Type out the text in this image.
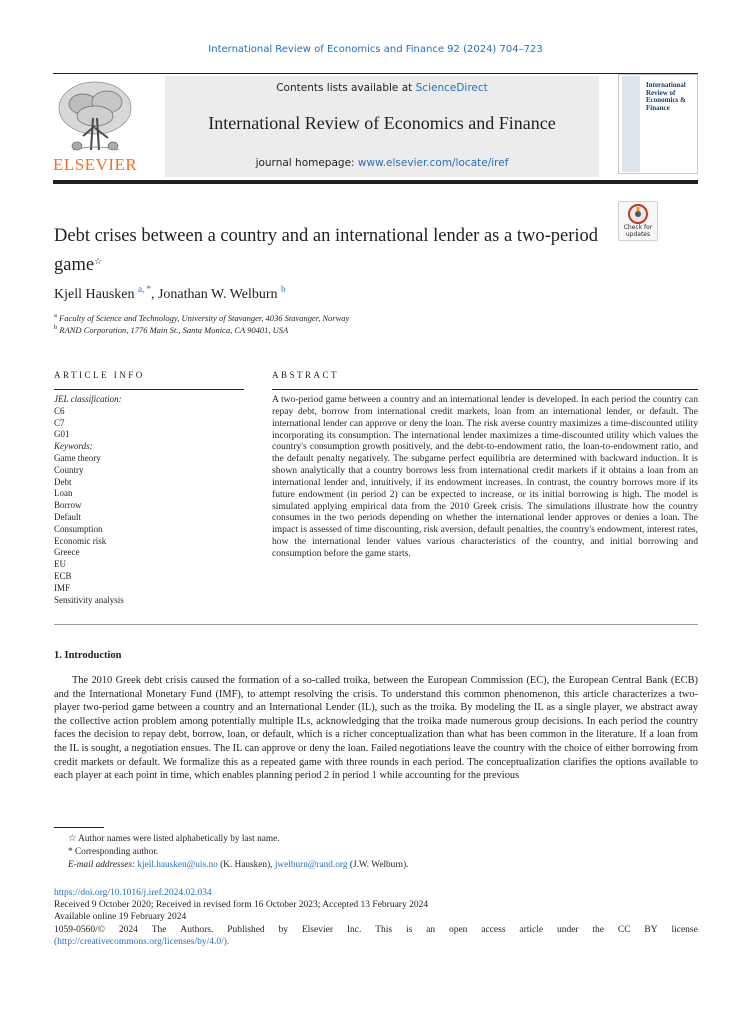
International Review of Economics and Finance 92 (2024) 704–723
ELSEVIER
Contents lists available at ScienceDirect
International Review of Economics and Finance
journal homepage: www.elsevier.com/locate/iref
International Review of Economics & Finance
Check for updates
Debt crises between a country and an international lender as a two-period game☆
Kjell Hausken $^{a, *}$, Jonathan W. Welburn $^b$
$^a$ Faculty of Science and Technology, University of Stavanger, 4036 Stavanger, Norway
$^b$ RAND Corporation, 1776 Main St., Santa Monica, CA 90401, USA
ARTICLE INFO	ABSTRACT
JEL classification:
C6
C7
G01
Keywords:
Game theory
Country
Debt
Loan
Borrow
Default
Consumption
Economic risk
Greece
EU
ECB
IMF
Sensitivity analysis
A two-period game between a country and an international lender is developed. In each period the country can repay debt, borrow from international credit markets, loan from an international lender, or default. The international lender can approve or deny the loan. The risk averse country maximizes a time-discounted utility incorporating its consumption. The international lender maximizes a time-discounted utility which values the country's consumption growth positively, and the debt-to-endowment ratio, the loan-to-endowment ratio, and the default penalty negatively. The subgame perfect equilibria are determined with backward induction. It is shown analytically that a country borrows less from international credit markets if it obtains a loan from an international lender and, intuitively, if its endowment increases. In contrast, the country borrows more if its future endowment (in period 2) can be expected to increase, or its initial borrowing is high. The model is simulated applying empirical data from the 2010 Greek crisis. The simulations illustrate how the country consumes in the two periods depending on whether the international lender approves or denies a loan. The impact is assessed of time discounting, risk aversion, default penalties, the country's endowment, interest rates, how the international lender values various characteristics of the country, and initial borrowing and consumption before the game starts.
1. Introduction
The 2010 Greek debt crisis caused the formation of a so-called troika, between the European Commission (EC), the European Central Bank (ECB) and the International Monetary Fund (IMF), to attempt resolving the crisis. To understand this common phenomenon, this article characterizes a two-player two-period game between a country and an International Lender (IL), such as the troika. By modeling the IL as a single player, we abstract away the collective action problem among potentially multiple ILs, acknowledging that the troika made numerous group decisions. In each period the country faces the decision to repay debt, borrow, loan, or default, which is a richer conceptualization than what has been common in the literature. If a loan from the IL is sought, a negotiation ensues. The IL can approve or deny the loan. Failed negotiations leave the country with the choice of either borrowing from credit markets or default. We formalize this as a repeated game with three rounds in each period. The conceptualization clarifies the options available to each player at each point in time, which enables planning period 2 in period 1 while accounting for the previous
☆ Author names were listed alphabetically by last name.
* Corresponding author.
E-mail addresses: kjell.hausken@uis.no (K. Hausken), jwelburn@rand.org (J.W. Welburn).
https://doi.org/10.1016/j.iref.2024.02.034
Received 9 October 2020; Received in revised form 16 October 2023; Accepted 13 February 2024
Available online 19 February 2024
1059-0560/© 2024 The Authors. Published by Elsevier Inc. This is an open access article under the CC BY license
(http://creativecommons.org/licenses/by/4.0/).
